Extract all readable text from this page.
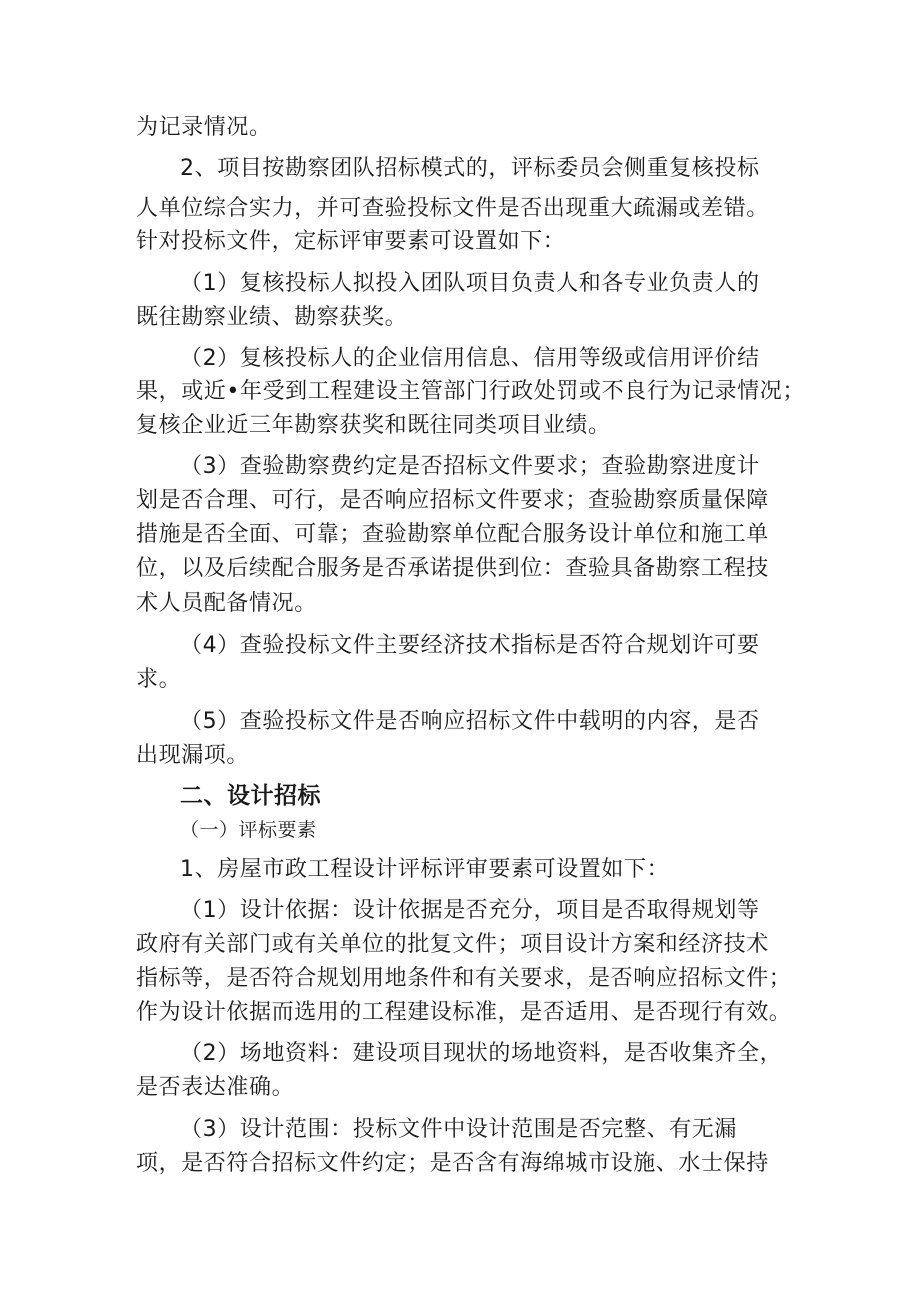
为记录情况。
2、项目按勘察团队招标模式的，评标委员会侧重复核投标
人单位综合实力，并可查验投标文件是否出现重大疏漏或差错。
针对投标文件，定标评审要素可设置如下：
（1）复核投标人拟投入团队项目负责人和各专业负责人的
既往勘察业绩、勘察获奖。
（2）复核投标人的企业信用信息、信用等级或信用评价结
果，或近•年受到工程建设主管部门行政处罚或不良行为记录情况；
复核企业近三年勘察获奖和既往同类项目业绩。
（3）查验勘察费约定是否招标文件要求；查验勘察进度计
划是否合理、可行，是否响应招标文件要求；查验勘察质量保障
措施是否全面、可靠；查验勘察单位配合服务设计单位和施工单
位，以及后续配合服务是否承诺提供到位：查验具备勘察工程技
术人员配备情况。
（4）查验投标文件主要经济技术指标是否符合规划许可要
求。
（5）查验投标文件是否响应招标文件中载明的内容，是否
出现漏项。
二、设计招标
（一）评标要素
1、房屋市政工程设计评标评审要素可设置如下：
（1）设计依据：设计依据是否充分，项目是否取得规划等
政府有关部门或有关单位的批复文件；项目设计方案和经济技术
指标等，是否符合规划用地条件和有关要求，是否响应招标文件；
作为设计依据而选用的工程建设标准，是否适用、是否现行有效。
（2）场地资料：建设项目现状的场地资料，是否收集齐全，
是否表达准确。
（3）设计范围：投标文件中设计范围是否完整、有无漏
项，是否符合招标文件约定；是否含有海绵城市设施、水士保持
